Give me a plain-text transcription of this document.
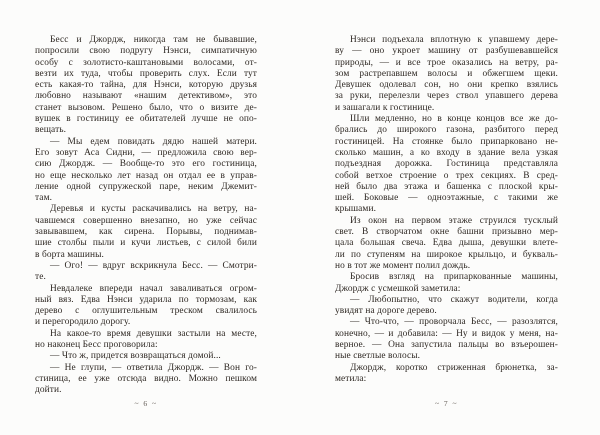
Бесс и Джордж, никогда там не бывавшие,
попросили свою подругу Нэнси, симпатичную
особу с золотисто-каштановыми волосами, от-
везти их туда, чтобы проверить слух. Если тут
есть какая-то тайна, для Нэнси, которую друзья
любовно называют «нашим детективом», это
станет вызовом. Решено было, что о визите де-
вушек в гостиницу ее обитателей лучше не опо-
вещать.
— Мы едем повидать дядю нашей матери.
Его зовут Аса Сидни, — предложила свою вер-
сию Джордж. — Вообще-то это его гостиница,
но еще несколько лет назад он отдал ее в управ-
ление одной супружеской паре, неким Джемит-
там.
Деревья и кусты раскачивались на ветру, на-
чавшемся совершенно внезапно, но уже сейчас
завывавшем, как сирена. Порывы, поднимав-
шие столбы пыли и кучи листьев, с силой били
в борта машины.
— Ого! — вдруг вскрикнула Бесс. — Смотри-
те.
Невдалеке впереди начал заваливаться огром-
ный вяз. Едва Нэнси ударила по тормозам, как
дерево с оглушительным треском свалилось
и перегородило дорогу.
На какое-то время девушки застыли на месте,
но наконец Бесс проговорила:
— Что ж, придется возвращаться домой...
— Не глупи, — ответила Джордж. — Вон го-
стиница, ее уже отсюда видно. Можно пешком
дойти.
~ 6 ~
Нэнси подъехала вплотную к упавшему дере-
ву — оно укроет машину от разбушевавшейся
природы, — и все трое оказались на ветру, ра-
зом растрепавшем волосы и обжегшем щеки.
Девушек одолевал сон, но они крепко взялись
за руки, перелезли через ствол упавшего дерева
и зашагали к гостинице.
Шли медленно, но в конце концов все же до-
брались до широкого газона, разбитого перед
гостиницей. На стоянке было припарковано не-
сколько машин, а ко входу в здание вела узкая
подъездная дорожка. Гостиница представляла
собой ветхое строение о трех секциях. В сред-
ней было два этажа и башенка с плоской кры-
шей. Боковые — одноэтажные, с такими же
крышами.
Из окон на первом этаже струился тусклый
свет. В створчатом окне башни призывно мер-
цала большая свеча. Едва дыша, девушки влете-
ли по ступеням на широкое крыльцо, и букваль-
но в тот же момент полил дождь.
Бросив взгляд на припаркованные машины,
Джордж с усмешкой заметила:
— Любопытно, что скажут водители, когда
увидят на дороге дерево.
— Что-что, — проворчала Бесс, — разозлятся,
конечно, — и добавила: — Ну и видок у меня, на-
верное. — Она запустила пальцы во взъерошен-
ные светлые волосы.
Джордж, коротко стриженная брюнетка, за-
метила:
~ 7 ~
